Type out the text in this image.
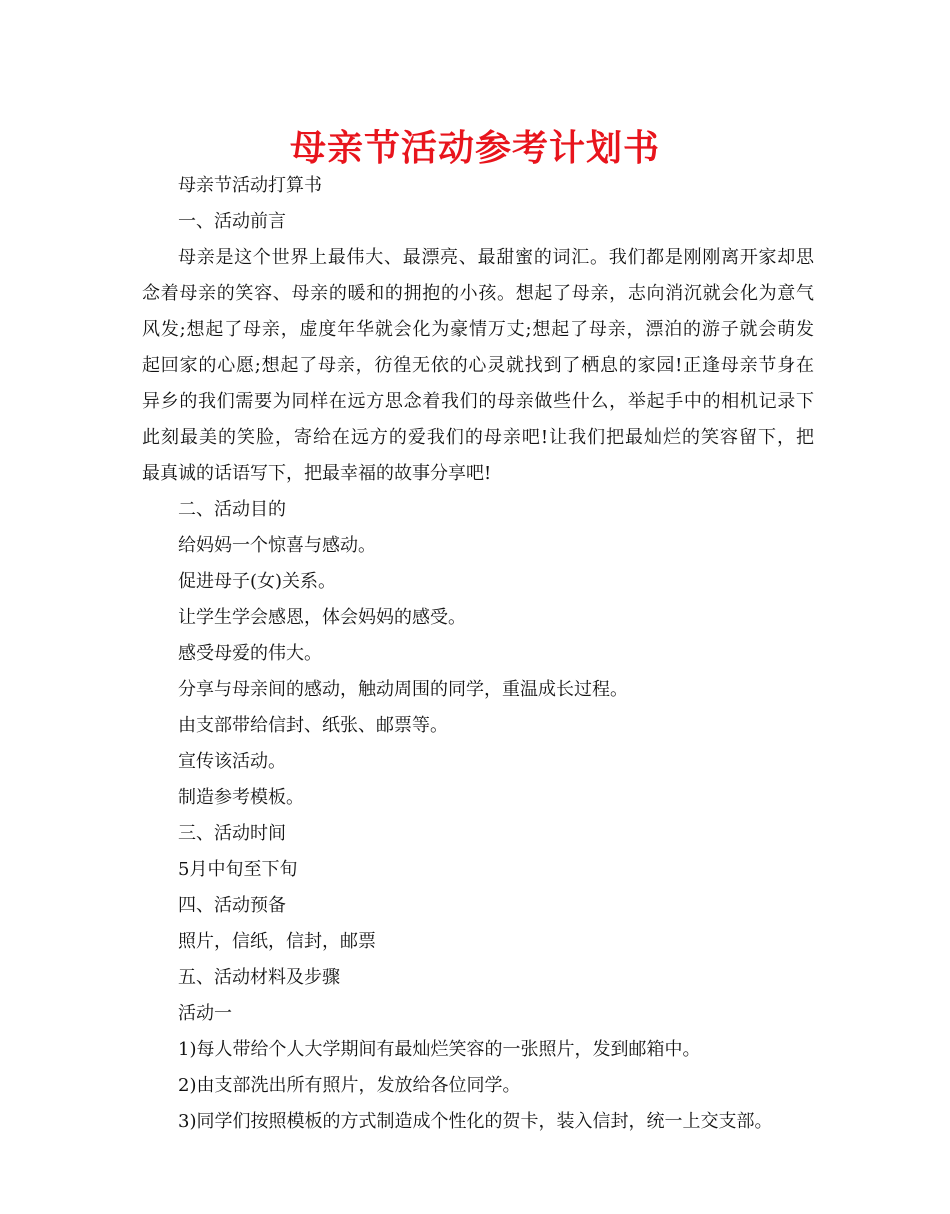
母亲节活动参考计划书

母亲节活动打算书

一、活动前言

母亲是这个世界上最伟大、最漂亮、最甜蜜的词汇。我们都是刚刚离开家却思
念着母亲的笑容、母亲的暖和的拥抱的小孩。想起了母亲，志向消沉就会化为意气
风发;想起了母亲，虚度年华就会化为豪情万丈;想起了母亲，漂泊的游子就会萌发
起回家的心愿;想起了母亲，彷徨无依的心灵就找到了栖息的家园!正逢母亲节身在
异乡的我们需要为同样在远方思念着我们的母亲做些什么，举起手中的相机记录下
此刻最美的笑脸，寄给在远方的爱我们的母亲吧!让我们把最灿烂的笑容留下，把
最真诚的话语写下，把最幸福的故事分享吧!

二、活动目的

给妈妈一个惊喜与感动。

促进母子(女)关系。

让学生学会感恩，体会妈妈的感受。

感受母爱的伟大。

分享与母亲间的感动，触动周围的同学，重温成长过程。

由支部带给信封、纸张、邮票等。

宣传该活动。

制造参考模板。

三、活动时间

5月中旬至下旬

四、活动预备

照片，信纸，信封，邮票

五、活动材料及步骤

活动一

1)每人带给个人大学期间有最灿烂笑容的一张照片，发到邮箱中。

2)由支部洗出所有照片，发放给各位同学。

3)同学们按照模板的方式制造成个性化的贺卡，装入信封，统一上交支部。
